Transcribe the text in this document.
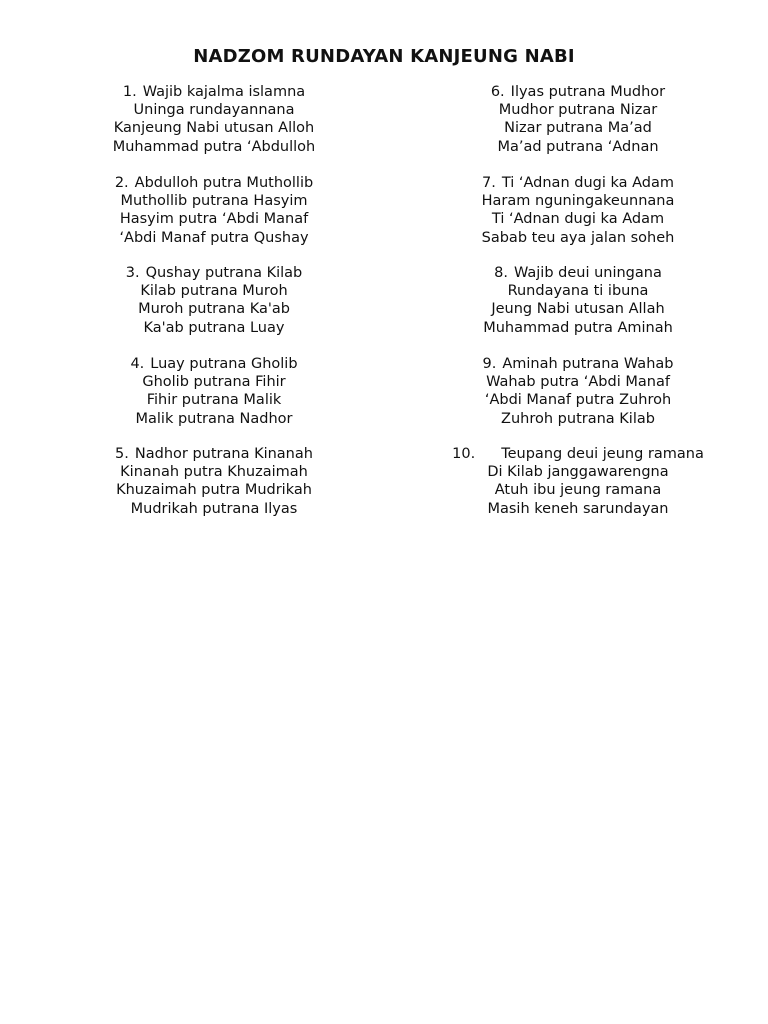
NADZOM RUNDAYAN KANJEUNG NABI
1. Wajib kajalma islamna
Uninga rundayannana
Kanjeung Nabi utusan Alloh
Muhammad putra ‘Abdulloh
2. Abdulloh putra Muthollib
Muthollib putrana Hasyim
Hasyim putra ‘Abdi Manaf
‘Abdi Manaf putra Qushay
3. Qushay putrana Kilab
Kilab putrana Muroh
Muroh putrana Ka'ab
Ka'ab putrana Luay
4. Luay putrana Gholib
Gholib putrana Fihir
Fihir putrana Malik
Malik putrana Nadhor
5. Nadhor putrana Kinanah
Kinanah putra Khuzaimah
Khuzaimah putra Mudrikah
Mudrikah putrana Ilyas
6. Ilyas putrana Mudhor
Mudhor putrana Nizar
Nizar putrana Ma’ad
Ma’ad putrana ‘Adnan
7. Ti ‘Adnan dugi ka Adam
Haram nguningakeunnana
Ti ‘Adnan dugi ka Adam
Sabab teu aya jalan soheh
8. Wajib deui uningana
Rundayana ti ibuna
Jeung Nabi utusan Allah
Muhammad putra Aminah
9. Aminah putrana Wahab
Wahab putra ‘Abdi Manaf
‘Abdi Manaf putra Zuhroh
Zuhroh putrana Kilab
10. Teupang deui jeung ramana
Di Kilab janggawarengna
Atuh ibu jeung ramana
Masih keneh sarundayan
